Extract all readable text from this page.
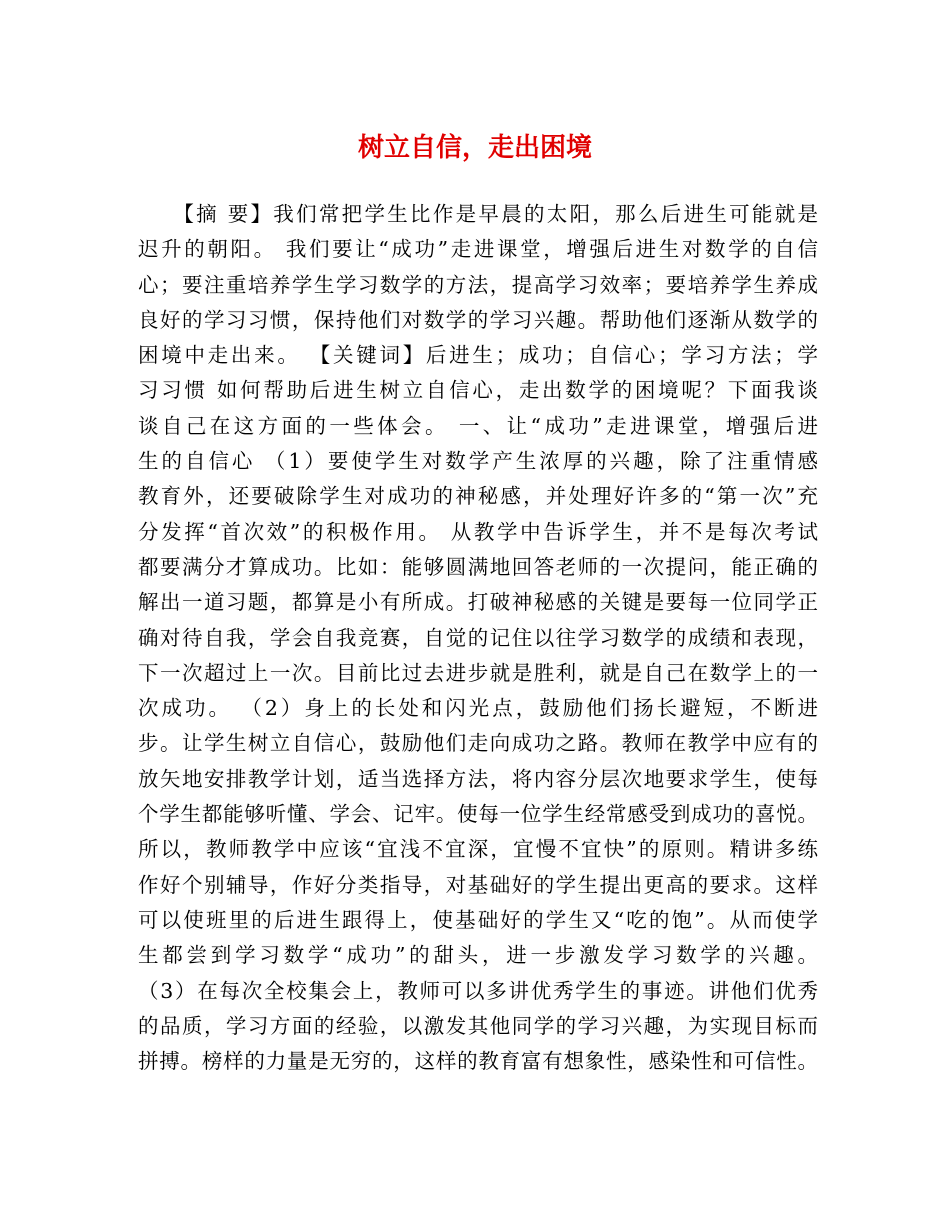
树立自信，走出困境
　　【摘 要】我们常把学生比作是早晨的太阳，那么后进生可能就是
迟升的朝阳。 我们要让“成功”走进课堂，增强后进生对数学的自信
心；要注重培养学生学习数学的方法，提高学习效率；要培养学生养成
良好的学习习惯，保持他们对数学的学习兴趣。帮助他们逐渐从数学的
困境中走出来。 【关键词】后进生；成功；自信心；学习方法；学
习习惯 如何帮助后进生树立自信心，走出数学的困境呢？下面我谈
谈自己在这方面的一些体会。 一、让“成功”走进课堂，增强后进
生的自信心 （1）要使学生对数学产生浓厚的兴趣，除了注重情感
教育外，还要破除学生对成功的神秘感，并处理好许多的“第一次”充
分发挥“首次效”的积极作用。 从教学中告诉学生，并不是每次考试
都要满分才算成功。比如：能够圆满地回答老师的一次提问，能正确的
解出一道习题，都算是小有所成。打破神秘感的关键是要每一位同学正
确对待自我，学会自我竞赛，自觉的记住以往学习数学的成绩和表现，
下一次超过上一次。目前比过去进步就是胜利，就是自己在数学上的一
次成功。 （2）身上的长处和闪光点，鼓励他们扬长避短，不断进
步。让学生树立自信心，鼓励他们走向成功之路。教师在教学中应有的
放矢地安排教学计划，适当选择方法，将内容分层次地要求学生，使每
个学生都能够听懂、学会、记牢。使每一位学生经常感受到成功的喜悦。
所以，教师教学中应该“宜浅不宜深，宜慢不宜快”的原则。精讲多练
作好个别辅导，作好分类指导，对基础好的学生提出更高的要求。这样
可以使班里的后进生跟得上，使基础好的学生又“吃的饱”。从而使学
生都尝到学习数学“成功”的甜头，进一步激发学习数学的兴趣。
（3）在每次全校集会上，教师可以多讲优秀学生的事迹。讲他们优秀
的品质，学习方面的经验，以激发其他同学的学习兴趣，为实现目标而
拼搏。榜样的力量是无穷的，这样的教育富有想象性，感染性和可信性。
